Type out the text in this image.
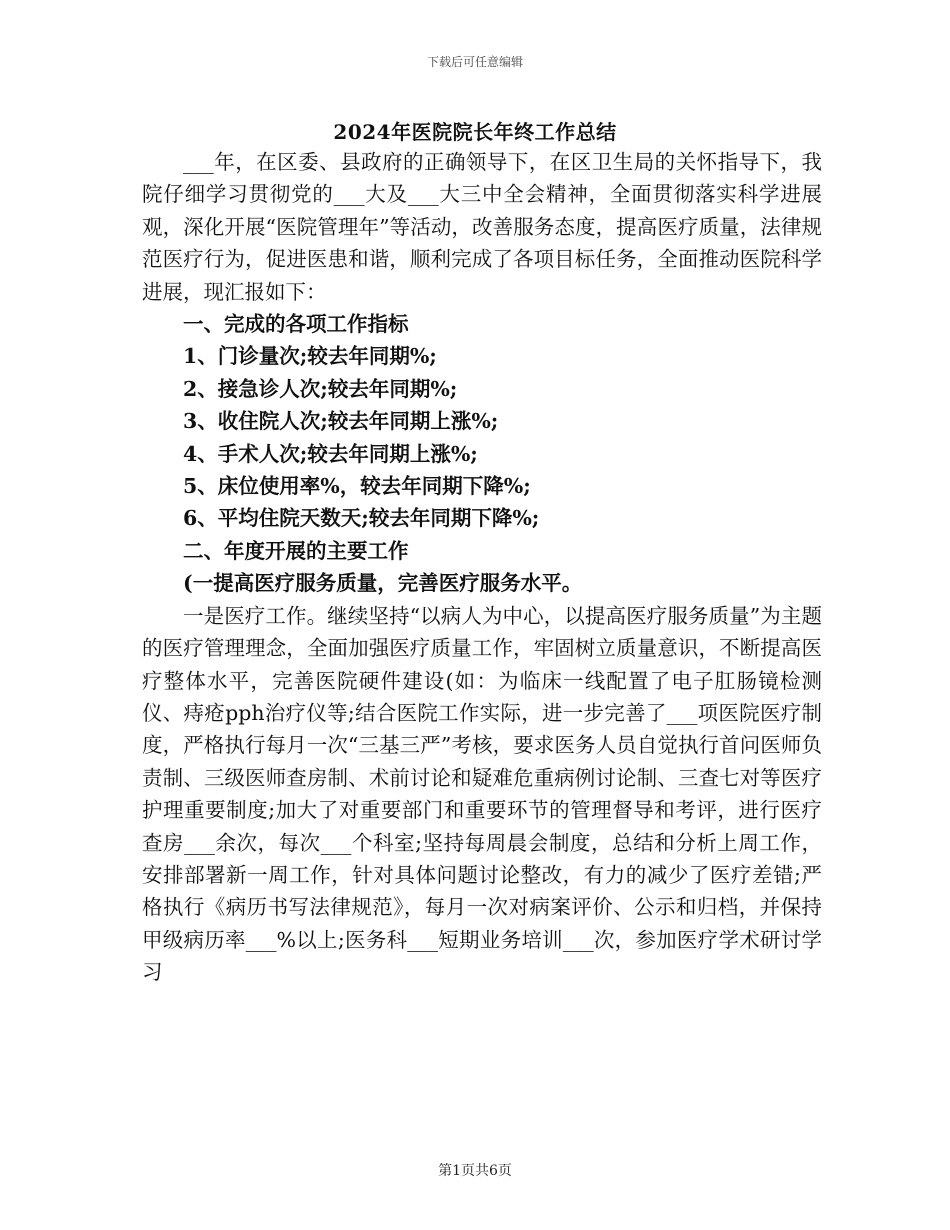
下载后可任意编辑
2024年医院院长年终工作总结

___年，在区委、县政府的正确领导下，在区卫生局的关怀指导下，我院仔细学习贯彻党的___大及___大三中全会精神，全面贯彻落实科学进展观，深化开展“医院管理年”等活动，改善服务态度，提高医疗质量，法律规范医疗行为，促进医患和谐，顺利完成了各项目标任务，全面推动医院科学进展，现汇报如下：

一、完成的各项工作指标

1、门诊量次;较去年同期%;

2、接急诊人次;较去年同期%;

3、收住院人次;较去年同期上涨%;

4、手术人次;较去年同期上涨%;

5、床位使用率%，较去年同期下降%;

6、平均住院天数天;较去年同期下降%;

二、年度开展的主要工作

(一提高医疗服务质量，完善医疗服务水平。

一是医疗工作。继续坚持“以病人为中心，以提高医疗服务质量”为主题的医疗管理理念，全面加强医疗质量工作，牢固树立质量意识，不断提高医疗整体水平，完善医院硬件建设(如：为临床一线配置了电子肛肠镜检测仪、痔疮pph治疗仪等;结合医院工作实际，进一步完善了___项医院医疗制度，严格执行每月一次“三基三严”考核，要求医务人员自觉执行首问医师负责制、三级医师查房制、术前讨论和疑难危重病例讨论制、三查七对等医疗护理重要制度;加大了对重要部门和重要环节的管理督导和考评，进行医疗查房___余次，每次___个科室;坚持每周晨会制度，总结和分析上周工作，安排部署新一周工作，针对具体问题讨论整改，有力的减少了医疗差错;严格执行《病历书写法律规范》，每月一次对病案评价、公示和归档，并保持甲级病历率___%以上;医务科___短期业务培训___次，参加医疗学术研讨学习

第1页共6页
